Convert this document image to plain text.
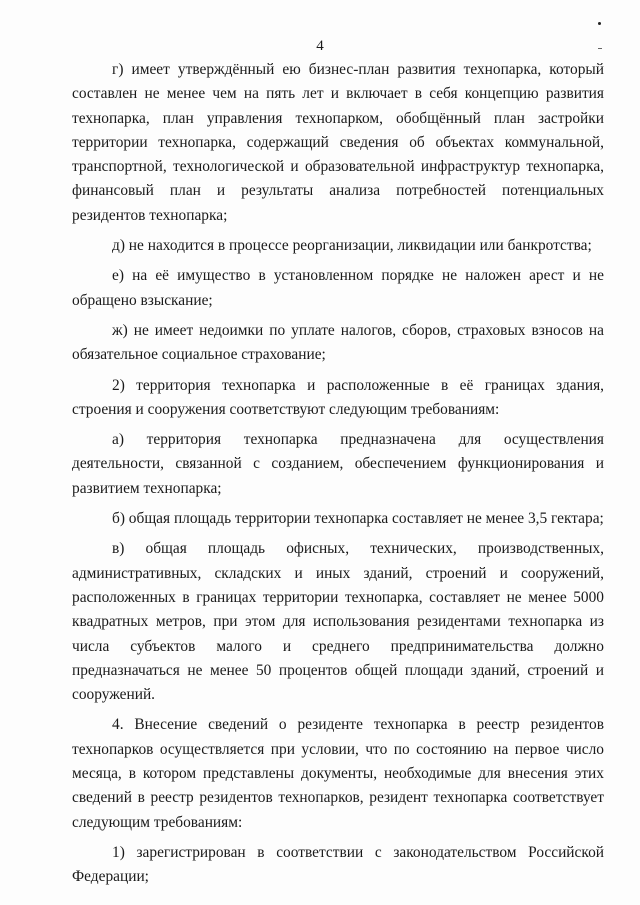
4

г) имеет утверждённый ею бизнес-план развития технопарка, который составлен не менее чем на пять лет и включает в себя концепцию развития технопарка, план управления технопарком, обобщённый план застройки территории технопарка, содержащий сведения об объектах коммунальной, транспортной, технологической и образовательной инфраструктур технопарка, финансовый план и результаты анализа потребностей потенциальных резидентов технопарка;

д) не находится в процессе реорганизации, ликвидации или банкротства;

е) на её имущество в установленном порядке не наложен арест и не обращено взыскание;

ж) не имеет недоимки по уплате налогов, сборов, страховых взносов на обязательное социальное страхование;

2) территория технопарка и расположенные в её границах здания, строения и сооружения соответствуют следующим требованиям:

а) территория технопарка предназначена для осуществления деятельности, связанной с созданием, обеспечением функционирования и развитием технопарка;

б) общая площадь территории технопарка составляет не менее 3,5 гектара;

в) общая площадь офисных, технических, производственных, административных, складских и иных зданий, строений и сооружений, расположенных в границах территории технопарка, составляет не менее 5000 квадратных метров, при этом для использования резидентами технопарка из числа субъектов малого и среднего предпринимательства должно предназначаться не менее 50 процентов общей площади зданий, строений и сооружений.

4. Внесение сведений о резиденте технопарка в реестр резидентов технопарков осуществляется при условии, что по состоянию на первое число месяца, в котором представлены документы, необходимые для внесения этих сведений в реестр резидентов технопарков, резидент технопарка соответствует следующим требованиям:

1) зарегистрирован в соответствии с законодательством Российской Федерации;
